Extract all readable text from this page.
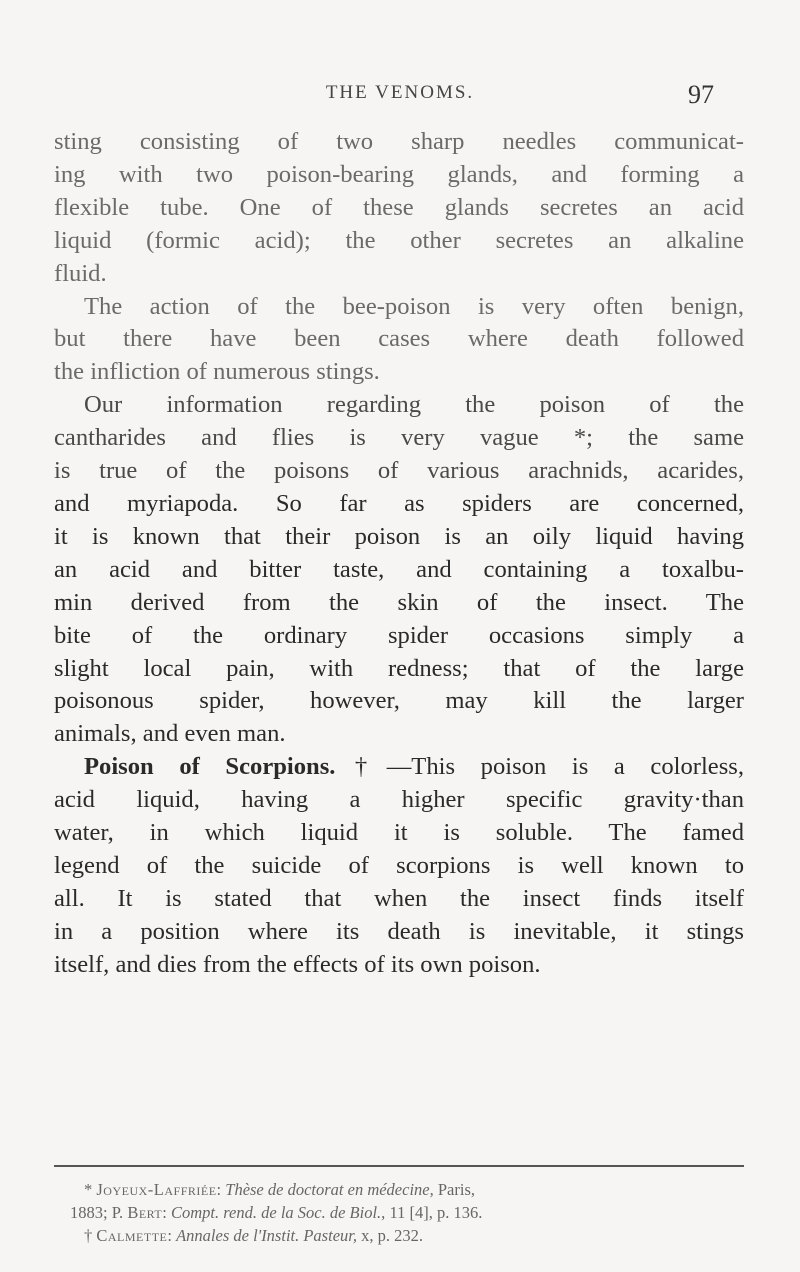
THE VENOMS.	97
sting consisting of two sharp needles communicat-
ing with two poison-bearing glands, and forming a
flexible tube. One of these glands secretes an acid
liquid (formic acid); the other secretes an alkaline
fluid.
The action of the bee-poison is very often benign,
but there have been cases where death followed
the infliction of numerous stings.
Our information regarding the poison of the
cantharides and flies is very vague *; the same
is true of the poisons of various arachnids, acarides,
and myriapoda. So far as spiders are concerned,
it is known that their poison is an oily liquid having
an acid and bitter taste, and containing a toxalbu-
min derived from the skin of the insect. The
bite of the ordinary spider occasions simply a
slight local pain, with redness; that of the large
poisonous spider, however, may kill the larger
animals, and even man.
Poison of Scorpions.†—This poison is a colorless,
acid liquid, having a higher specific gravity·than
water, in which liquid it is soluble. The famed
legend of the suicide of scorpions is well known to
all. It is stated that when the insect finds itself
in a position where its death is inevitable, it stings
itself, and dies from the effects of its own poison.
* Joyeux-Laffriée: Thèse de doctorat en médecine, Paris,
1883; P. Bert: Compt. rend. de la Soc. de Biol., 11 [4], p. 136.
† Calmette: Annales de l'Instit. Pasteur, x, p. 232.
